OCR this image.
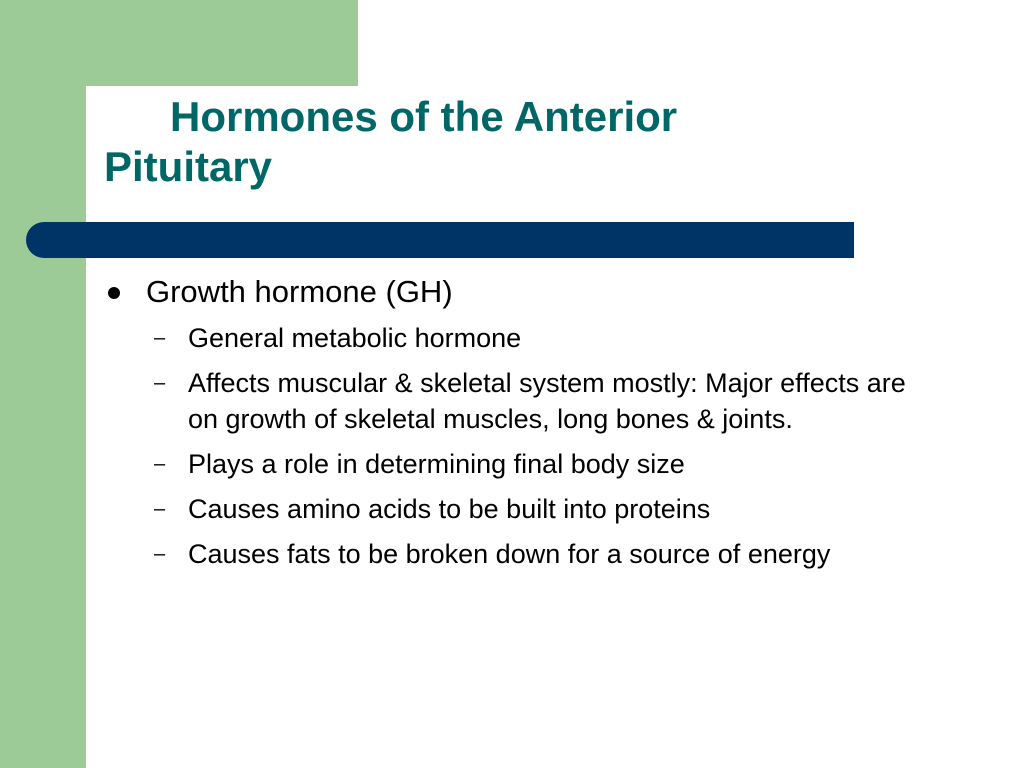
Hormones of the Anterior
Pituitary
Growth hormone (GH)
– General metabolic hormone
– Affects muscular & skeletal system mostly: Major effects are on growth of skeletal muscles, long bones & joints.
– Plays a role in determining final body size
– Causes amino acids to be built into proteins
– Causes fats to be broken down for a source of energy
